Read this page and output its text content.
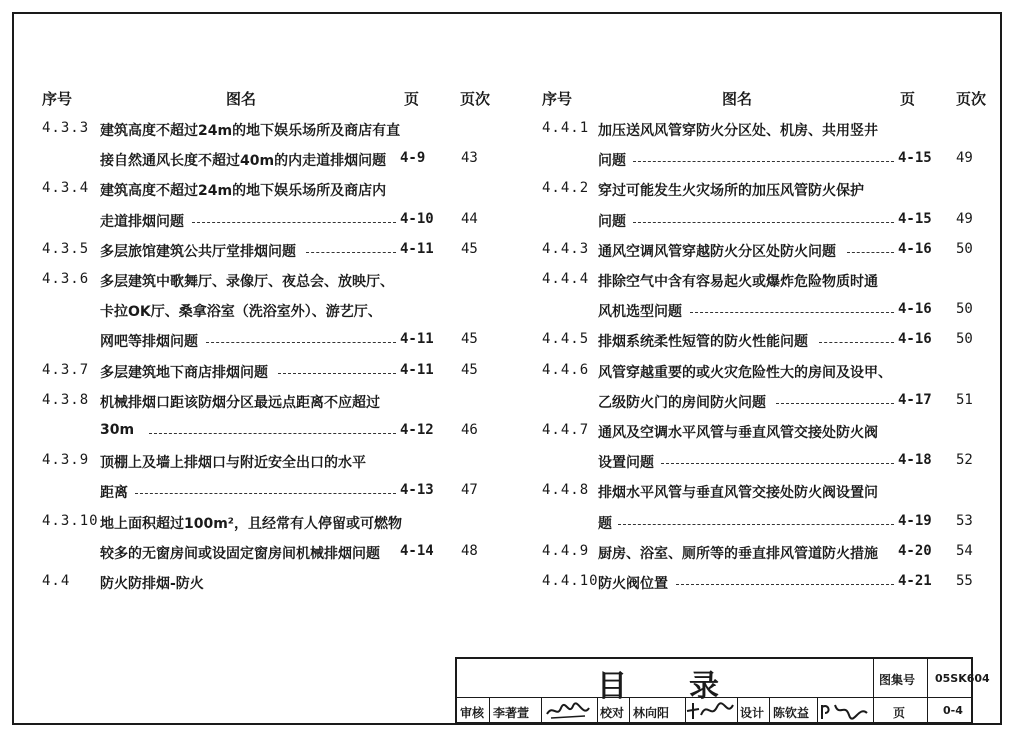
序号	图名	页	页次	序号	图名	页	页次
4.3.3 建筑高度不超过24m的地下娱乐场所及商店有直
接自然通风长度不超过40m的内走道排烟问题 4-9	43
4.3.4 建筑高度不超过24m的地下娱乐场所及商店内
走道排烟问题	4-10 44
4.3.5 多层旅馆建筑公共厅堂排烟问题	4-11 45
4.3.6 多层建筑中歌舞厅、录像厅、夜总会、放映厅、
卡拉OK厅、桑拿浴室（洗浴室外）、游艺厅、
网吧等排烟问题	4-11 45
4.3.7 多层建筑地下商店排烟问题	4-11 45
4.3.8 机械排烟口距该防烟分区最远点距离不应超过
30m	4-12 46
4.3.9 顶棚上及墙上排烟口与附近安全出口的水平
距离	4-13 47
4.3.10 地上面积超过100m²，且经常有人停留或可燃物
较多的无窗房间或设固定窗房间机械排烟问题 4-14 48
4.4 防火防排烟-防火
4.4.1 加压送风风管穿防火分区处、机房、共用竖井
问题	4-15 49
4.4.2 穿过可能发生火灾场所的加压风管防火保护
问题	4-15 49
4.4.3 通风空调风管穿越防火分区处防火问题	4-16 50
4.4.4 排除空气中含有容易起火或爆炸危险物质时通
风机选型问题	4-16 50
4.4.5 排烟系统柔性短管的防火性能问题	4-16 50
4.4.6 风管穿越重要的或火灾危险性大的房间及设甲、
乙级防火门的房间防火问题	4-17 51
4.4.7 通风及空调水平风管与垂直风管交接处防火阀
设置问题	4-18 52
4.4.8 排烟水平风管与垂直风管交接处防火阀设置问
题	4-19 53
4.4.9 厨房、浴室、厕所等的垂直排风管道防火措施 4-20 54
4.4.10 防火阀位置	4-21 55
目 录	图集号 05SK604
审核 李著萱	校对 林向阳	设计 陈钦益	页	0-4
